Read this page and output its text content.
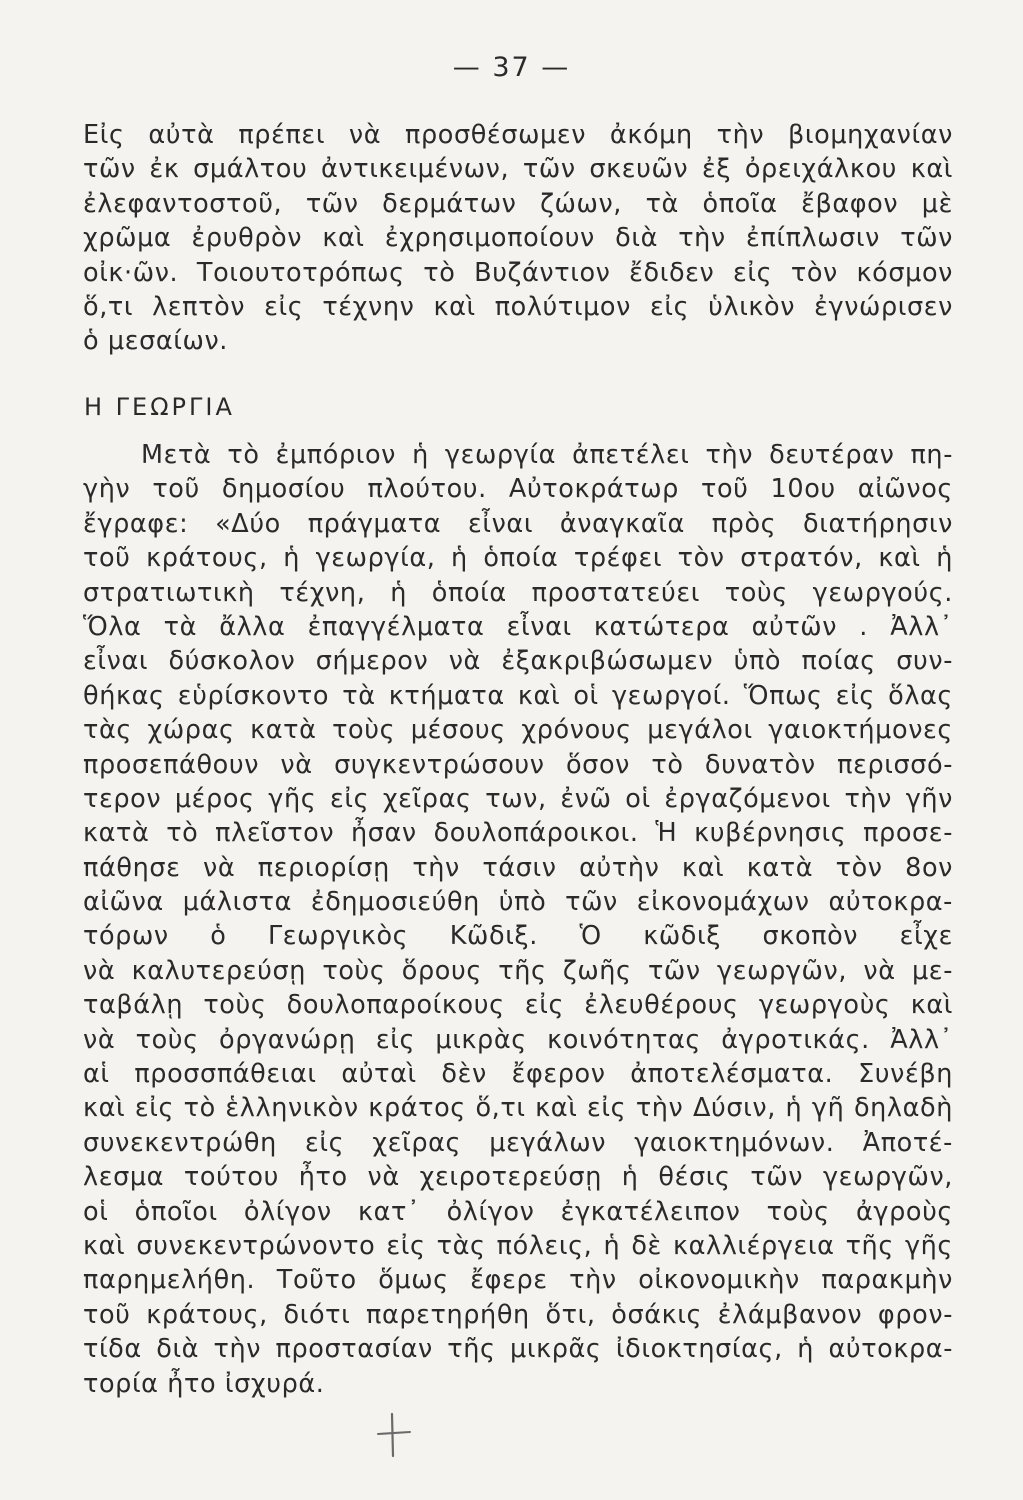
— 37 —
Εἰς αὐτὰ πρέπει νὰ προσθέσωμεν ἀκόμη τὴν βιομηχανίαν
τῶν ἐκ σμάλτου ἀντικειμένων, τῶν σκευῶν ἐξ ὀρειχάλκου καὶ
ἐλεφαντοστοῦ, τῶν δερμάτων ζώων, τὰ ὁποῖα ἔβαφον μὲ
χρῶμα ἐρυθρὸν καὶ ἐχρησιμοποίουν διὰ τὴν ἐπίπλωσιν τῶν
οἰκ·ῶν. Τοιουτοτρόπως τὸ Βυζάντιον ἔδιδεν εἰς τὸν κόσμον
ὅ,τι λεπτὸν εἰς τέχνην καὶ πολύτιμον εἰς ὑλικὸν ἐγνώρισεν
ὁ μεσαίων.
Η ΓΕΩΡΓΙΑ
Μετὰ τὸ ἐμπόριον ἡ γεωργία ἀπετέλει τὴν δευτέραν πη-
γὴν τοῦ δημοσίου πλούτου. Αὐτοκράτωρ τοῦ 10ου αἰῶνος
ἔγραφε: «Δύο πράγματα εἶναι ἀναγκαῖα πρὸς διατήρησιν
τοῦ κράτους, ἡ γεωργία, ἡ ὁποία τρέφει τὸν στρατόν, καὶ ἡ
στρατιωτικὴ τέχνη, ἡ ὁποία προστατεύει τοὺς γεωργούς.
Ὅλα τὰ ἄλλα ἐπαγγέλματα εἶναι κατώτερα αὐτῶν . Ἀλλ᾽
εἶναι δύσκολον σήμερον νὰ ἐξακριβώσωμεν ὑπὸ ποίας συν-
θήκας εὑρίσκοντο τὰ κτήματα καὶ οἱ γεωργοί. Ὅπως εἰς ὅλας
τὰς χώρας κατὰ τοὺς μέσους χρόνους μεγάλοι γαιοκτήμονες
προσεπάθουν νὰ συγκεντρώσουν ὅσον τὸ δυνατὸν περισσό-
τερον μέρος γῆς εἰς χεῖρας των, ἐνῶ οἱ ἐργαζόμενοι τὴν γῆν
κατὰ τὸ πλεῖστον ἦσαν δουλοπάροικοι. Ἡ κυβέρνησις προσε-
πάθησε νὰ περιορίσῃ τὴν τάσιν αὐτὴν καὶ κατὰ τὸν 8ον
αἰῶνα μάλιστα ἐδημοσιεύθη ὑπὸ τῶν εἰκονομάχων αὐτοκρα-
τόρων ὁ Γεωργικὸς Κῶδιξ. Ὁ κῶδιξ σκοπὸν εἶχε
νὰ καλυτερεύσῃ τοὺς ὅρους τῆς ζωῆς τῶν γεωργῶν, νὰ με-
ταβάλῃ τοὺς δουλοπαροίκους εἰς ἐλευθέρους γεωργοὺς καὶ
νὰ τοὺς ὀργανώρῃ εἰς μικρὰς κοινότητας ἀγροτικάς. Ἀλλ᾽
αἱ προσσπάθειαι αὐταὶ δὲν ἔφερον ἀποτελέσματα. Συνέβη
καὶ εἰς τὸ ἑλληνικὸν κράτος ὅ,τι καὶ εἰς τὴν Δύσιν, ἡ γῆ δηλαδὴ
συνεκεντρώθη εἰς χεῖρας μεγάλων γαιοκτημόνων. Ἀποτέ-
λεσμα τούτου ἦτο νὰ χειροτερεύσῃ ἡ θέσις τῶν γεωργῶν,
οἱ ὁποῖοι ὀλίγον κατ᾽ ὀλίγον ἐγκατέλειπον τοὺς ἀγροὺς
καὶ συνεκεντρώνοντο εἰς τὰς πόλεις, ἡ δὲ καλλιέργεια τῆς γῆς
παρημελήθη. Τοῦτο ὅμως ἔφερε τὴν οἰκονομικὴν παρακμὴν
τοῦ κράτους, διότι παρετηρήθη ὅτι, ὁσάκις ἐλάμβανον φρον-
τίδα διὰ τὴν προστασίαν τῆς μικρᾶς ἰδιοκτησίας, ἡ αὐτοκρα-
τορία ἦτο ἰσχυρά.
